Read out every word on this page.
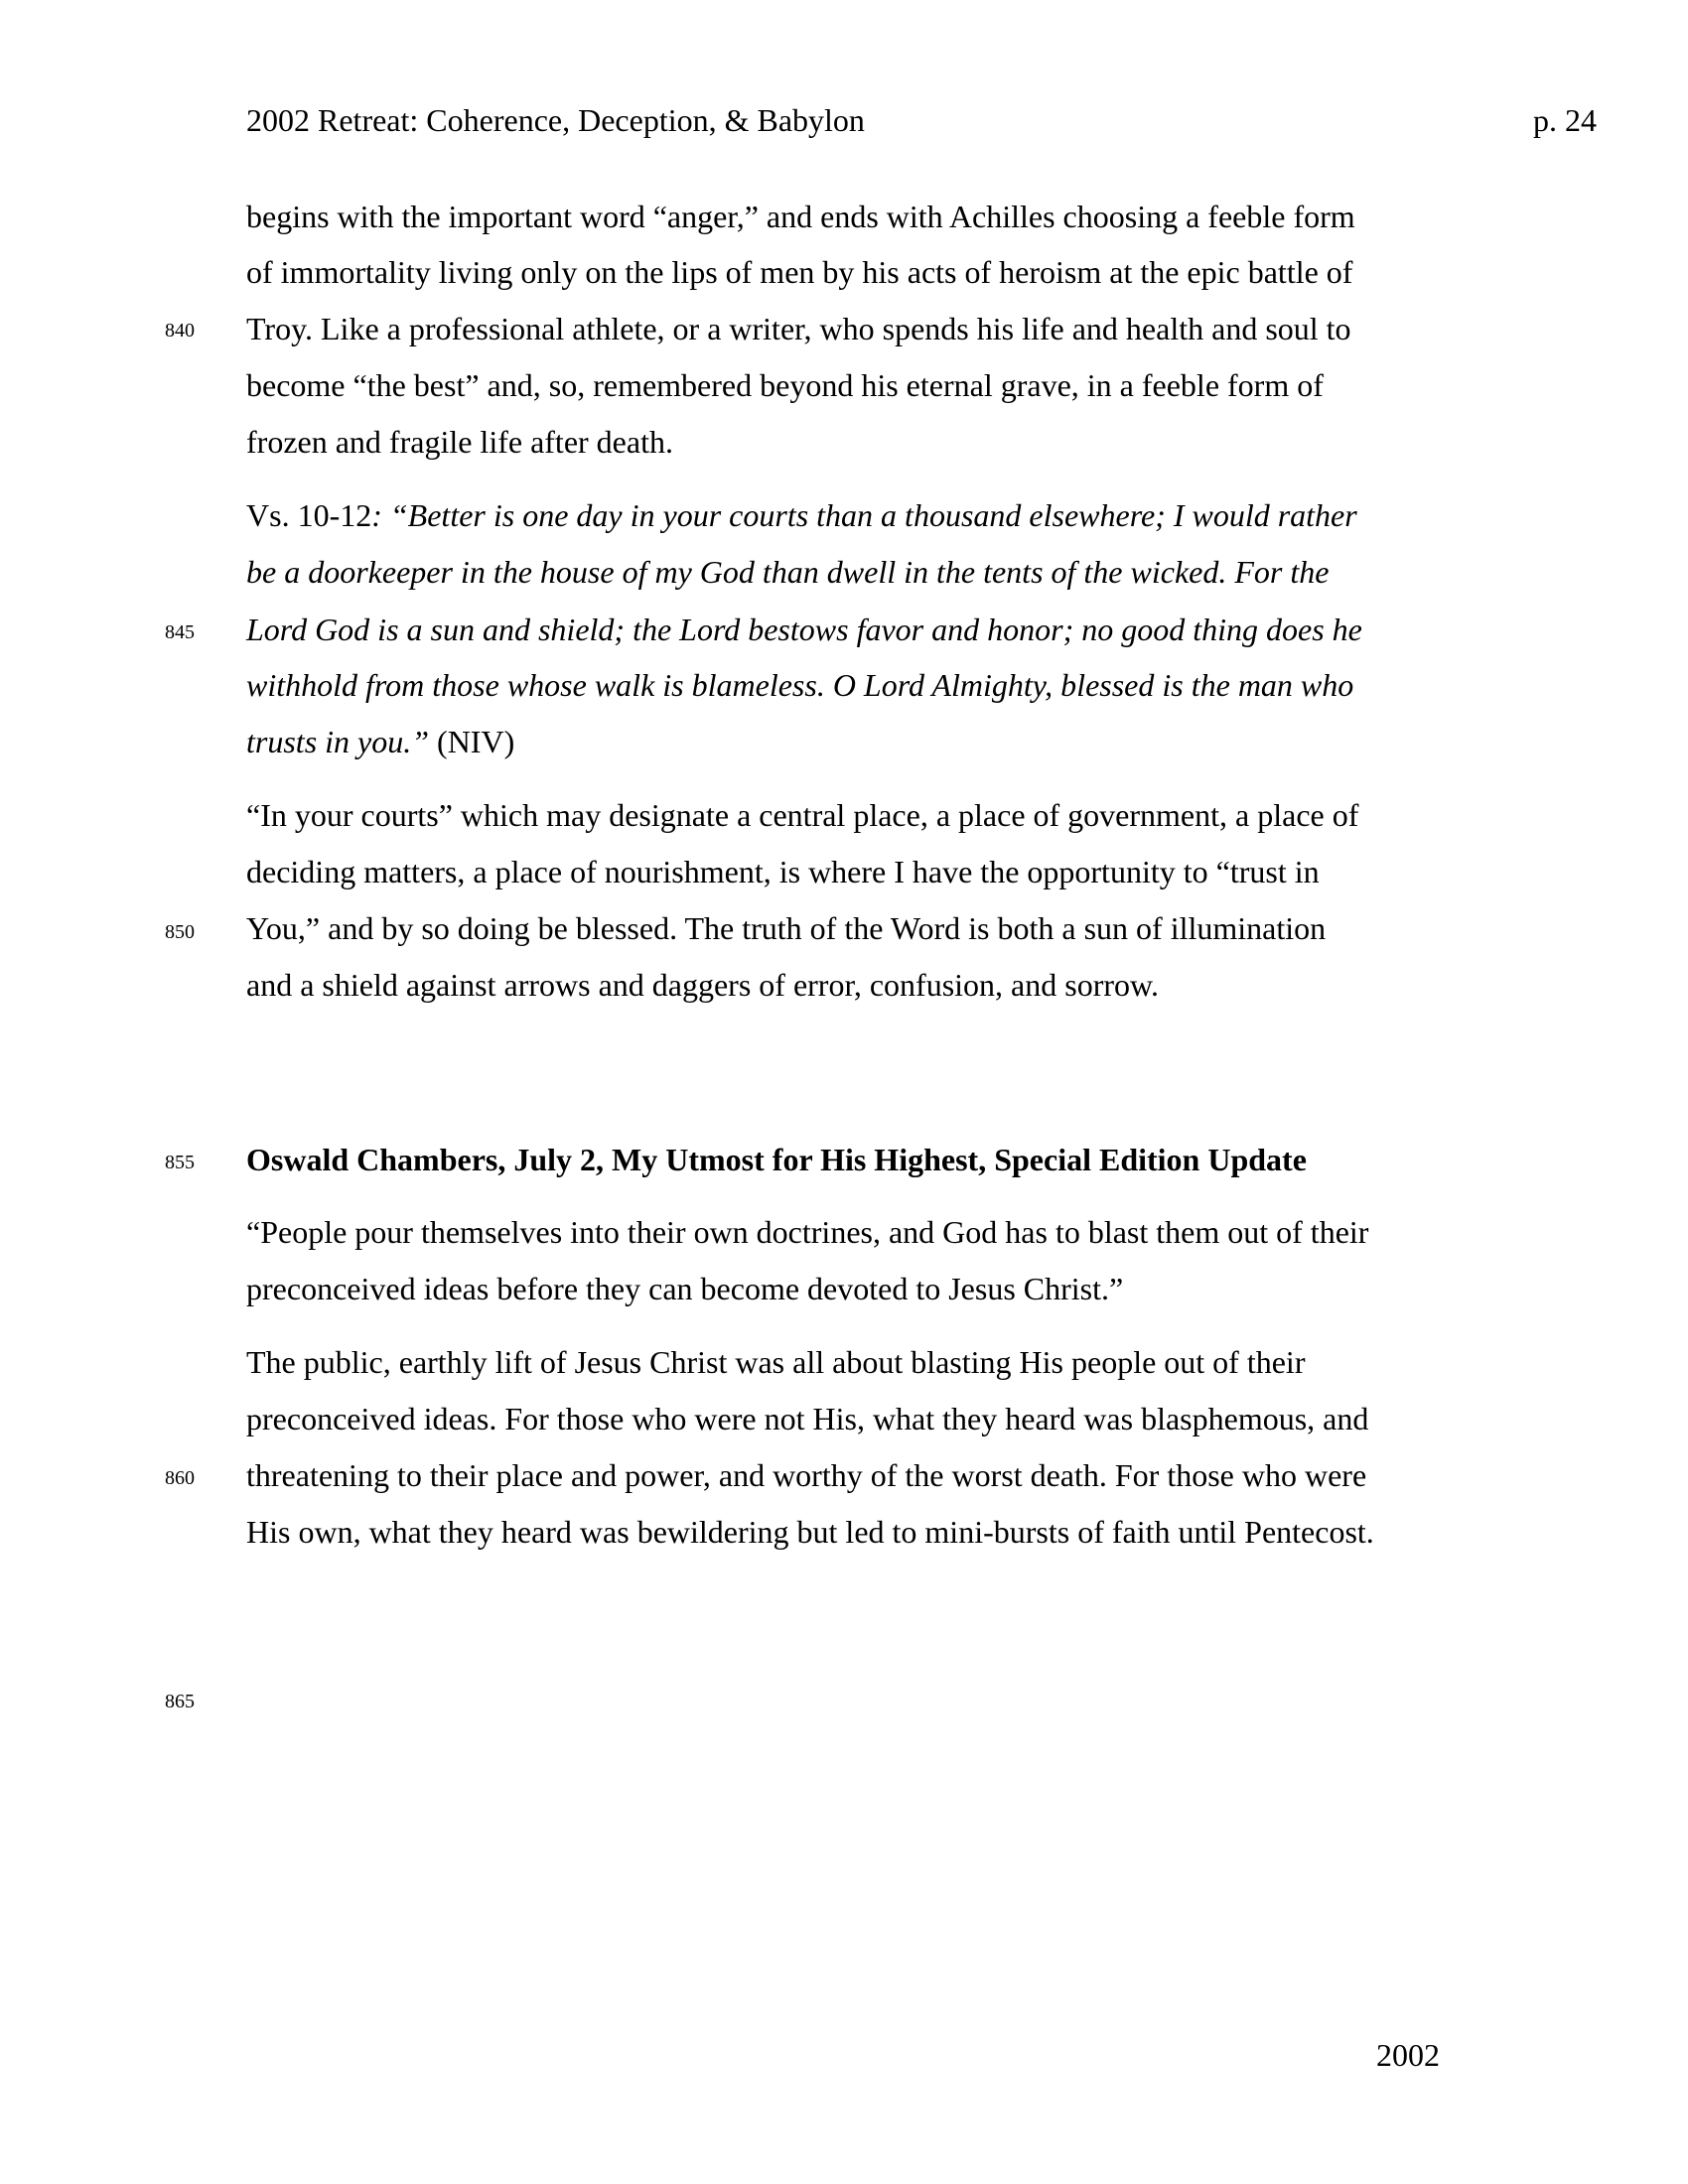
2002 Retreat: Coherence, Deception, & Babylon	p. 24
begins with the important word “anger,” and ends with Achilles choosing a feeble form
of immortality living only on the lips of men by his acts of heroism at the epic battle of
840 Troy. Like a professional athlete, or a writer, who spends his life and health and soul to
become “the best” and, so, remembered beyond his eternal grave, in a feeble form of
frozen and fragile life after death.
Vs. 10-12: “Better is one day in your courts than a thousand elsewhere; I would rather
be a doorkeeper in the house of my God than dwell in the tents of the wicked. For the
845 Lord God is a sun and shield; the Lord bestows favor and honor; no good thing does he
withhold from those whose walk is blameless. O Lord Almighty, blessed is the man who
trusts in you.” (NIV)
“In your courts” which may designate a central place, a place of government, a place of
deciding matters, a place of nourishment, is where I have the opportunity to “trust in
850 You,” and by so doing be blessed. The truth of the Word is both a sun of illumination
and a shield against arrows and daggers of error, confusion, and sorrow.
855 Oswald Chambers, July 2, My Utmost for His Highest, Special Edition Update
“People pour themselves into their own doctrines, and God has to blast them out of their
preconceived ideas before they can become devoted to Jesus Christ.”
The public, earthly lift of Jesus Christ was all about blasting His people out of their
preconceived ideas. For those who were not His, what they heard was blasphemous, and
860 threatening to their place and power, and worthy of the worst death. For those who were
His own, what they heard was bewildering but led to mini-bursts of faith until Pentecost.
865
2002
